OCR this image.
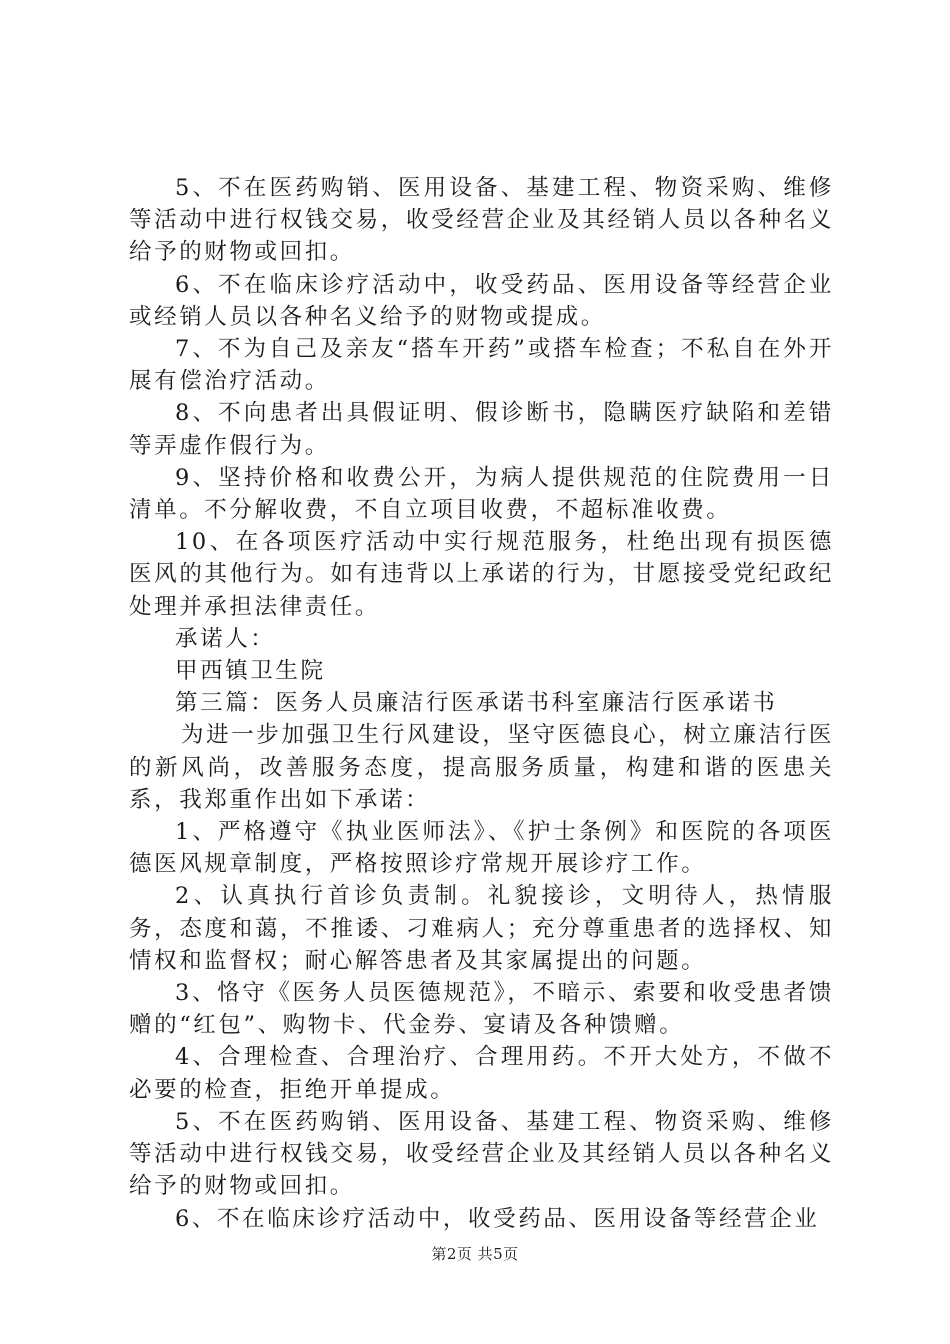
5、不在医药购销、医用设备、基建工程、物资采购、维修等活动中进行权钱交易，收受经营企业及其经销人员以各种名义给予的财物或回扣。

6、不在临床诊疗活动中，收受药品、医用设备等经营企业或经销人员以各种名义给予的财物或提成。

7、不为自己及亲友“搭车开药”或搭车检查；不私自在外开展有偿治疗活动。

8、不向患者出具假证明、假诊断书，隐瞒医疗缺陷和差错等弄虚作假行为。

9、坚持价格和收费公开，为病人提供规范的住院费用一日清单。不分解收费，不自立项目收费，不超标准收费。

10、在各项医疗活动中实行规范服务，杜绝出现有损医德医风的其他行为。如有违背以上承诺的行为，甘愿接受党纪政纪处理并承担法律责任。

承诺人：

甲西镇卫生院

第三篇：医务人员廉洁行医承诺书科室廉洁行医承诺书

为进一步加强卫生行风建设，坚守医德良心，树立廉洁行医的新风尚，改善服务态度，提高服务质量，构建和谐的医患关系，我郑重作出如下承诺：

1、严格遵守《执业医师法》、《护士条例》和医院的各项医德医风规章制度，严格按照诊疗常规开展诊疗工作。

2、认真执行首诊负责制。礼貌接诊，文明待人，热情服务，态度和蔼，不推诿、刁难病人；充分尊重患者的选择权、知情权和监督权；耐心解答患者及其家属提出的问题。

3、恪守《医务人员医德规范》，不暗示、索要和收受患者馈赠的“红包”、购物卡、代金券、宴请及各种馈赠。

4、合理检查、合理治疗、合理用药。不开大处方，不做不必要的检查，拒绝开单提成。

5、不在医药购销、医用设备、基建工程、物资采购、维修等活动中进行权钱交易，收受经营企业及其经销人员以各种名义给予的财物或回扣。

6、不在临床诊疗活动中，收受药品、医用设备等经营企业

第2页 共5页
